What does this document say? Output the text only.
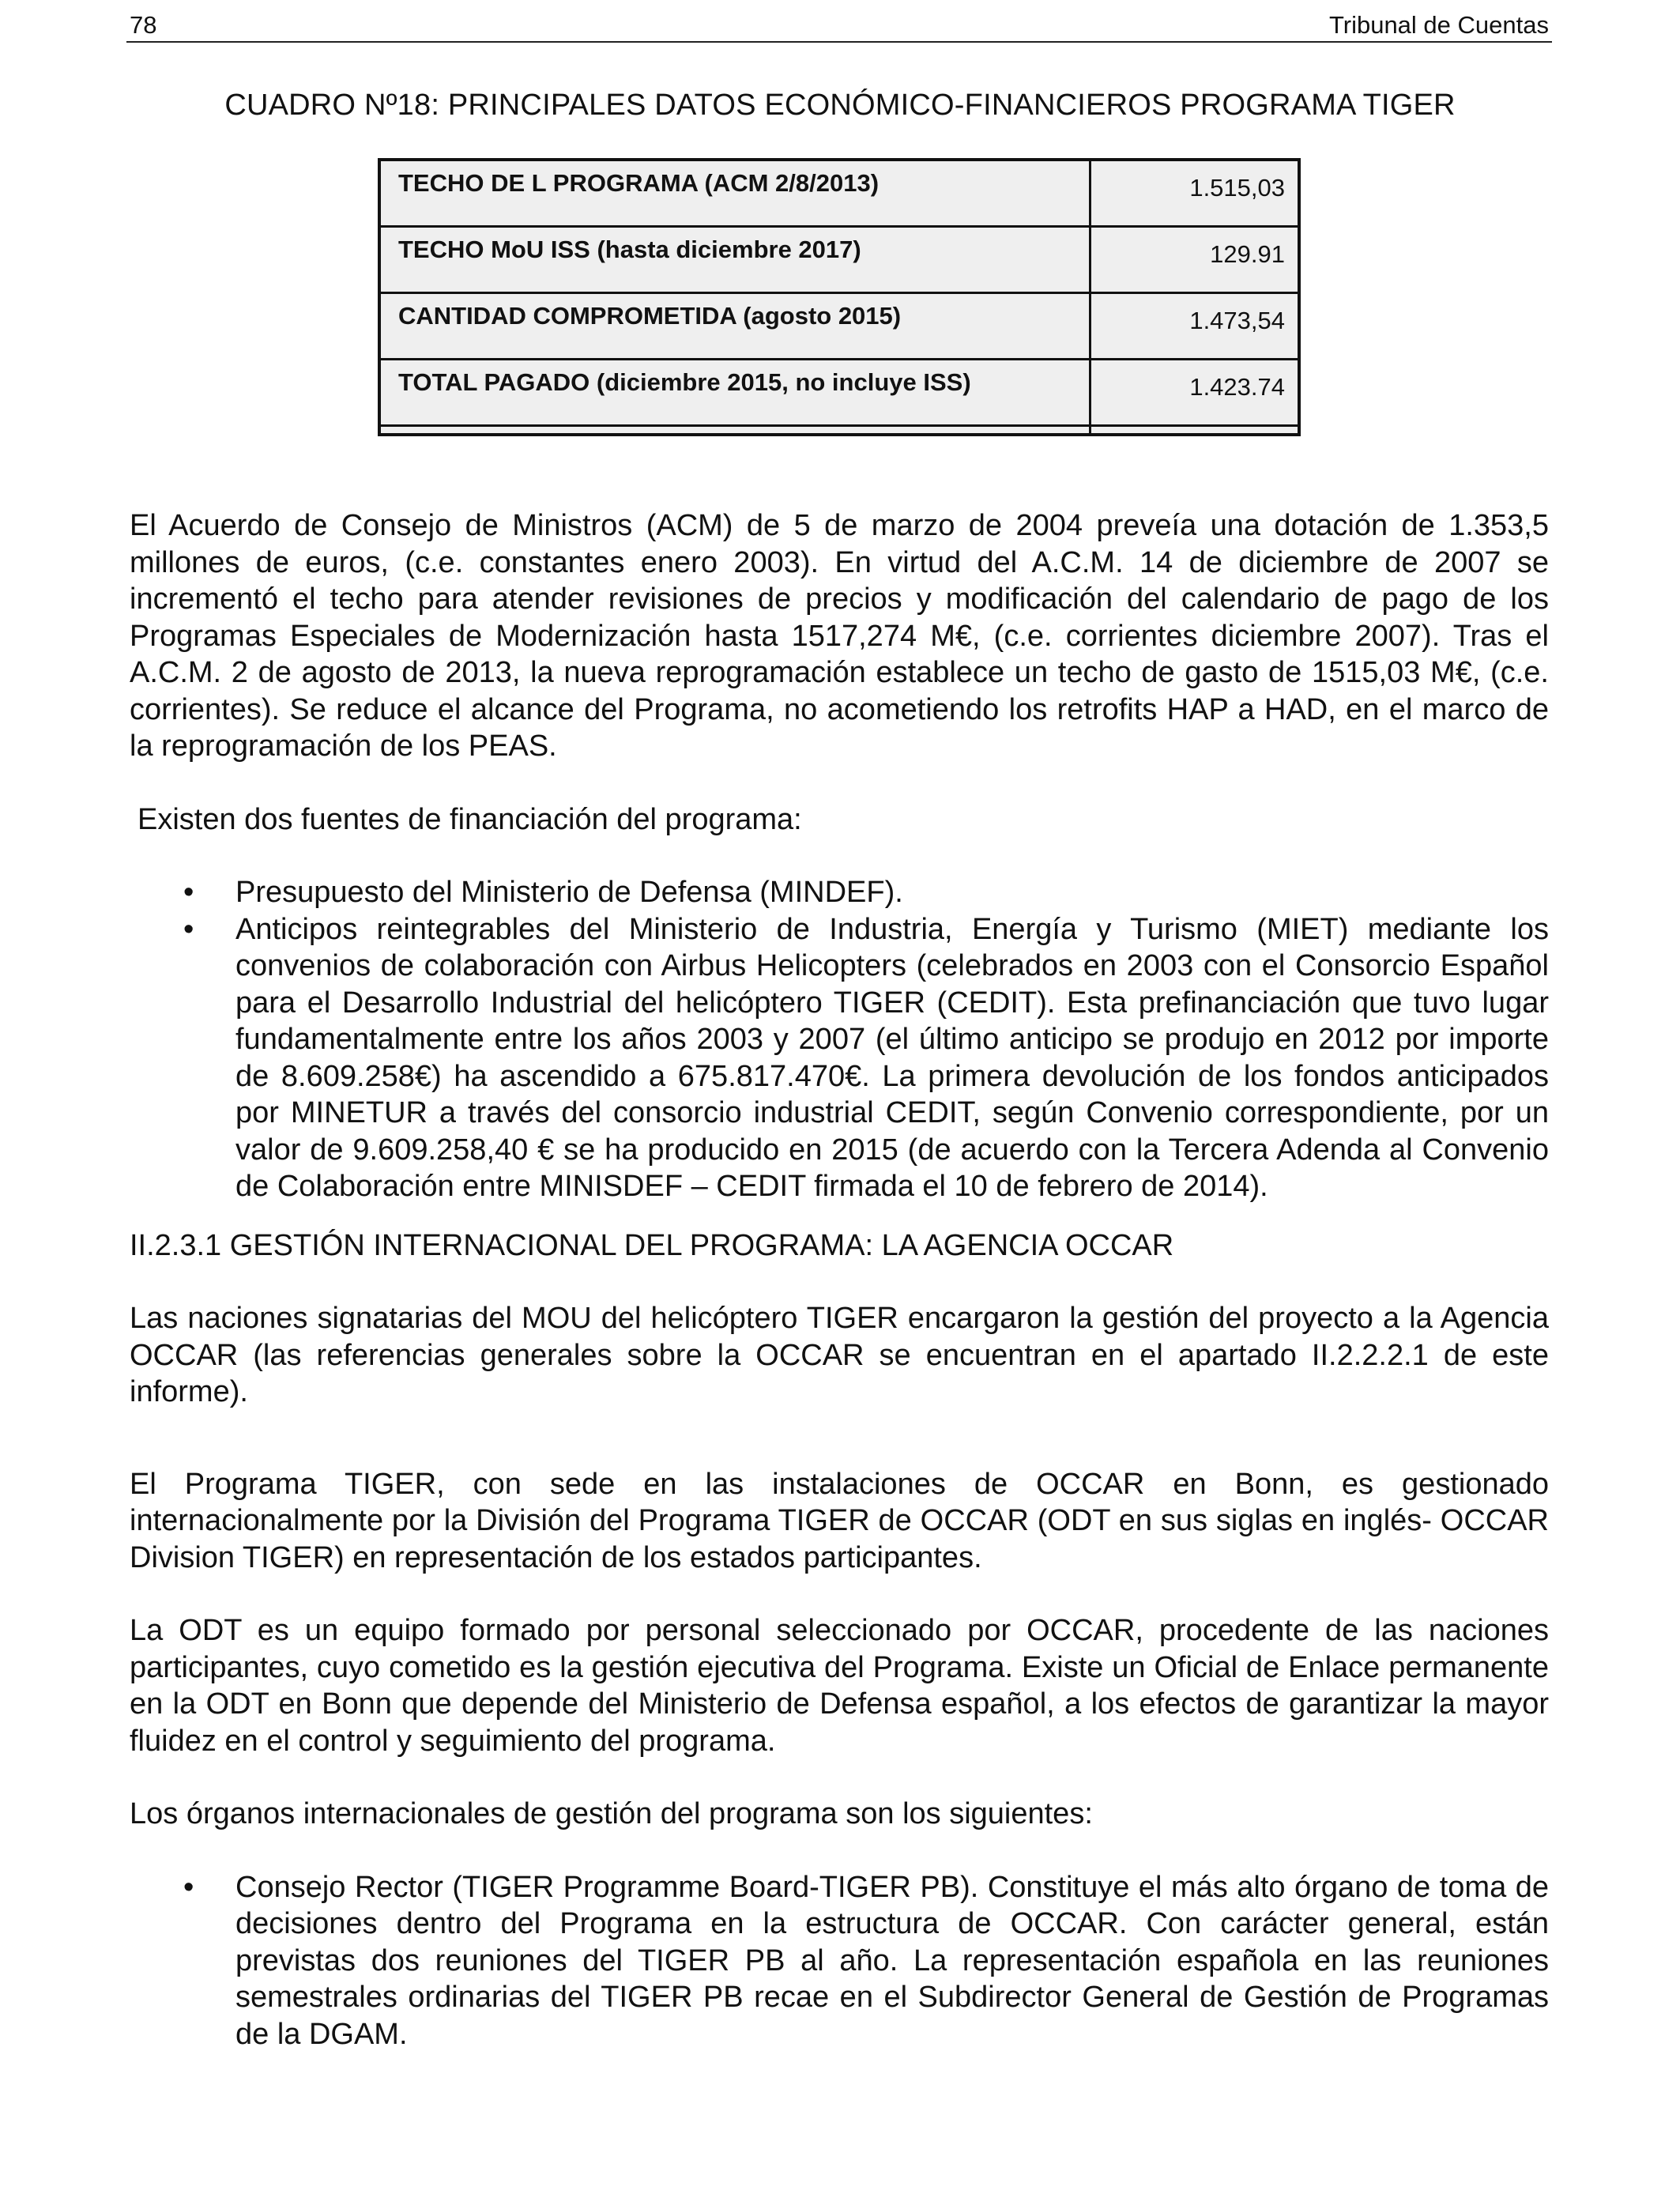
78	Tribunal de Cuentas
CUADRO Nº18: PRINCIPALES DATOS ECONÓMICO-FINANCIEROS PROGRAMA TIGER
TECHO DE L PROGRAMA (ACM 2/8/2013)	1.515,03
TECHO MoU ISS (hasta diciembre 2017)	129.91
CANTIDAD COMPROMETIDA (agosto 2015)	1.473,54
TOTAL PAGADO (diciembre 2015, no incluye ISS)	1.423.74

El Acuerdo de Consejo de Ministros (ACM) de 5 de marzo de 2004 preveía una dotación de 1.353,5 millones de euros, (c.e. constantes enero 2003). En virtud del A.C.M. 14 de diciembre de 2007 se incrementó el techo para atender revisiones de precios y modificación del calendario de pago de los Programas Especiales de Modernización hasta 1517,274 M€, (c.e. corrientes diciembre 2007). Tras el A.C.M. 2 de agosto de 2013, la nueva reprogramación establece un techo de gasto de 1515,03 M€, (c.e. corrientes). Se reduce el alcance del Programa, no acometiendo los retrofits HAP a HAD, en el marco de la reprogramación de los PEAS.

Existen dos fuentes de financiación del programa:

• Presupuesto del Ministerio de Defensa (MINDEF).
• Anticipos reintegrables del Ministerio de Industria, Energía y Turismo (MIET) mediante los convenios de colaboración con Airbus Helicopters (celebrados en 2003 con el Consorcio Español para el Desarrollo Industrial del helicóptero TIGER (CEDIT). Esta prefinanciación que tuvo lugar fundamentalmente entre los años 2003 y 2007 (el último anticipo se produjo en 2012 por importe de 8.609.258€) ha ascendido a 675.817.470€. La primera devolución de los fondos anticipados por MINETUR a través del consorcio industrial CEDIT, según Convenio correspondiente, por un valor de 9.609.258,40 € se ha producido en 2015 (de acuerdo con la Tercera Adenda al Convenio de Colaboración entre MINISDEF – CEDIT firmada el 10 de febrero de 2014).
II.2.3.1 GESTIÓN INTERNACIONAL DEL PROGRAMA: LA AGENCIA OCCAR

Las naciones signatarias del MOU del helicóptero TIGER encargaron la gestión del proyecto a la Agencia OCCAR (las referencias generales sobre la OCCAR se encuentran en el apartado II.2.2.2.1 de este informe).

El Programa TIGER, con sede en las instalaciones de OCCAR en Bonn, es gestionado internacionalmente por la División del Programa TIGER de OCCAR (ODT en sus siglas en inglés- OCCAR Division TIGER) en representación de los estados participantes.

La ODT es un equipo formado por personal seleccionado por OCCAR, procedente de las naciones participantes, cuyo cometido es la gestión ejecutiva del Programa. Existe un Oficial de Enlace permanente en la ODT en Bonn que depende del Ministerio de Defensa español, a los efectos de garantizar la mayor fluidez en el control y seguimiento del programa.

Los órganos internacionales de gestión del programa son los siguientes:

• Consejo Rector (TIGER Programme Board-TIGER PB). Constituye el más alto órgano de toma de decisiones dentro del Programa en la estructura de OCCAR. Con carácter general, están previstas dos reuniones del TIGER PB al año. La representación española en las reuniones semestrales ordinarias del TIGER PB recae en el Subdirector General de Gestión de Programas de la DGAM.
